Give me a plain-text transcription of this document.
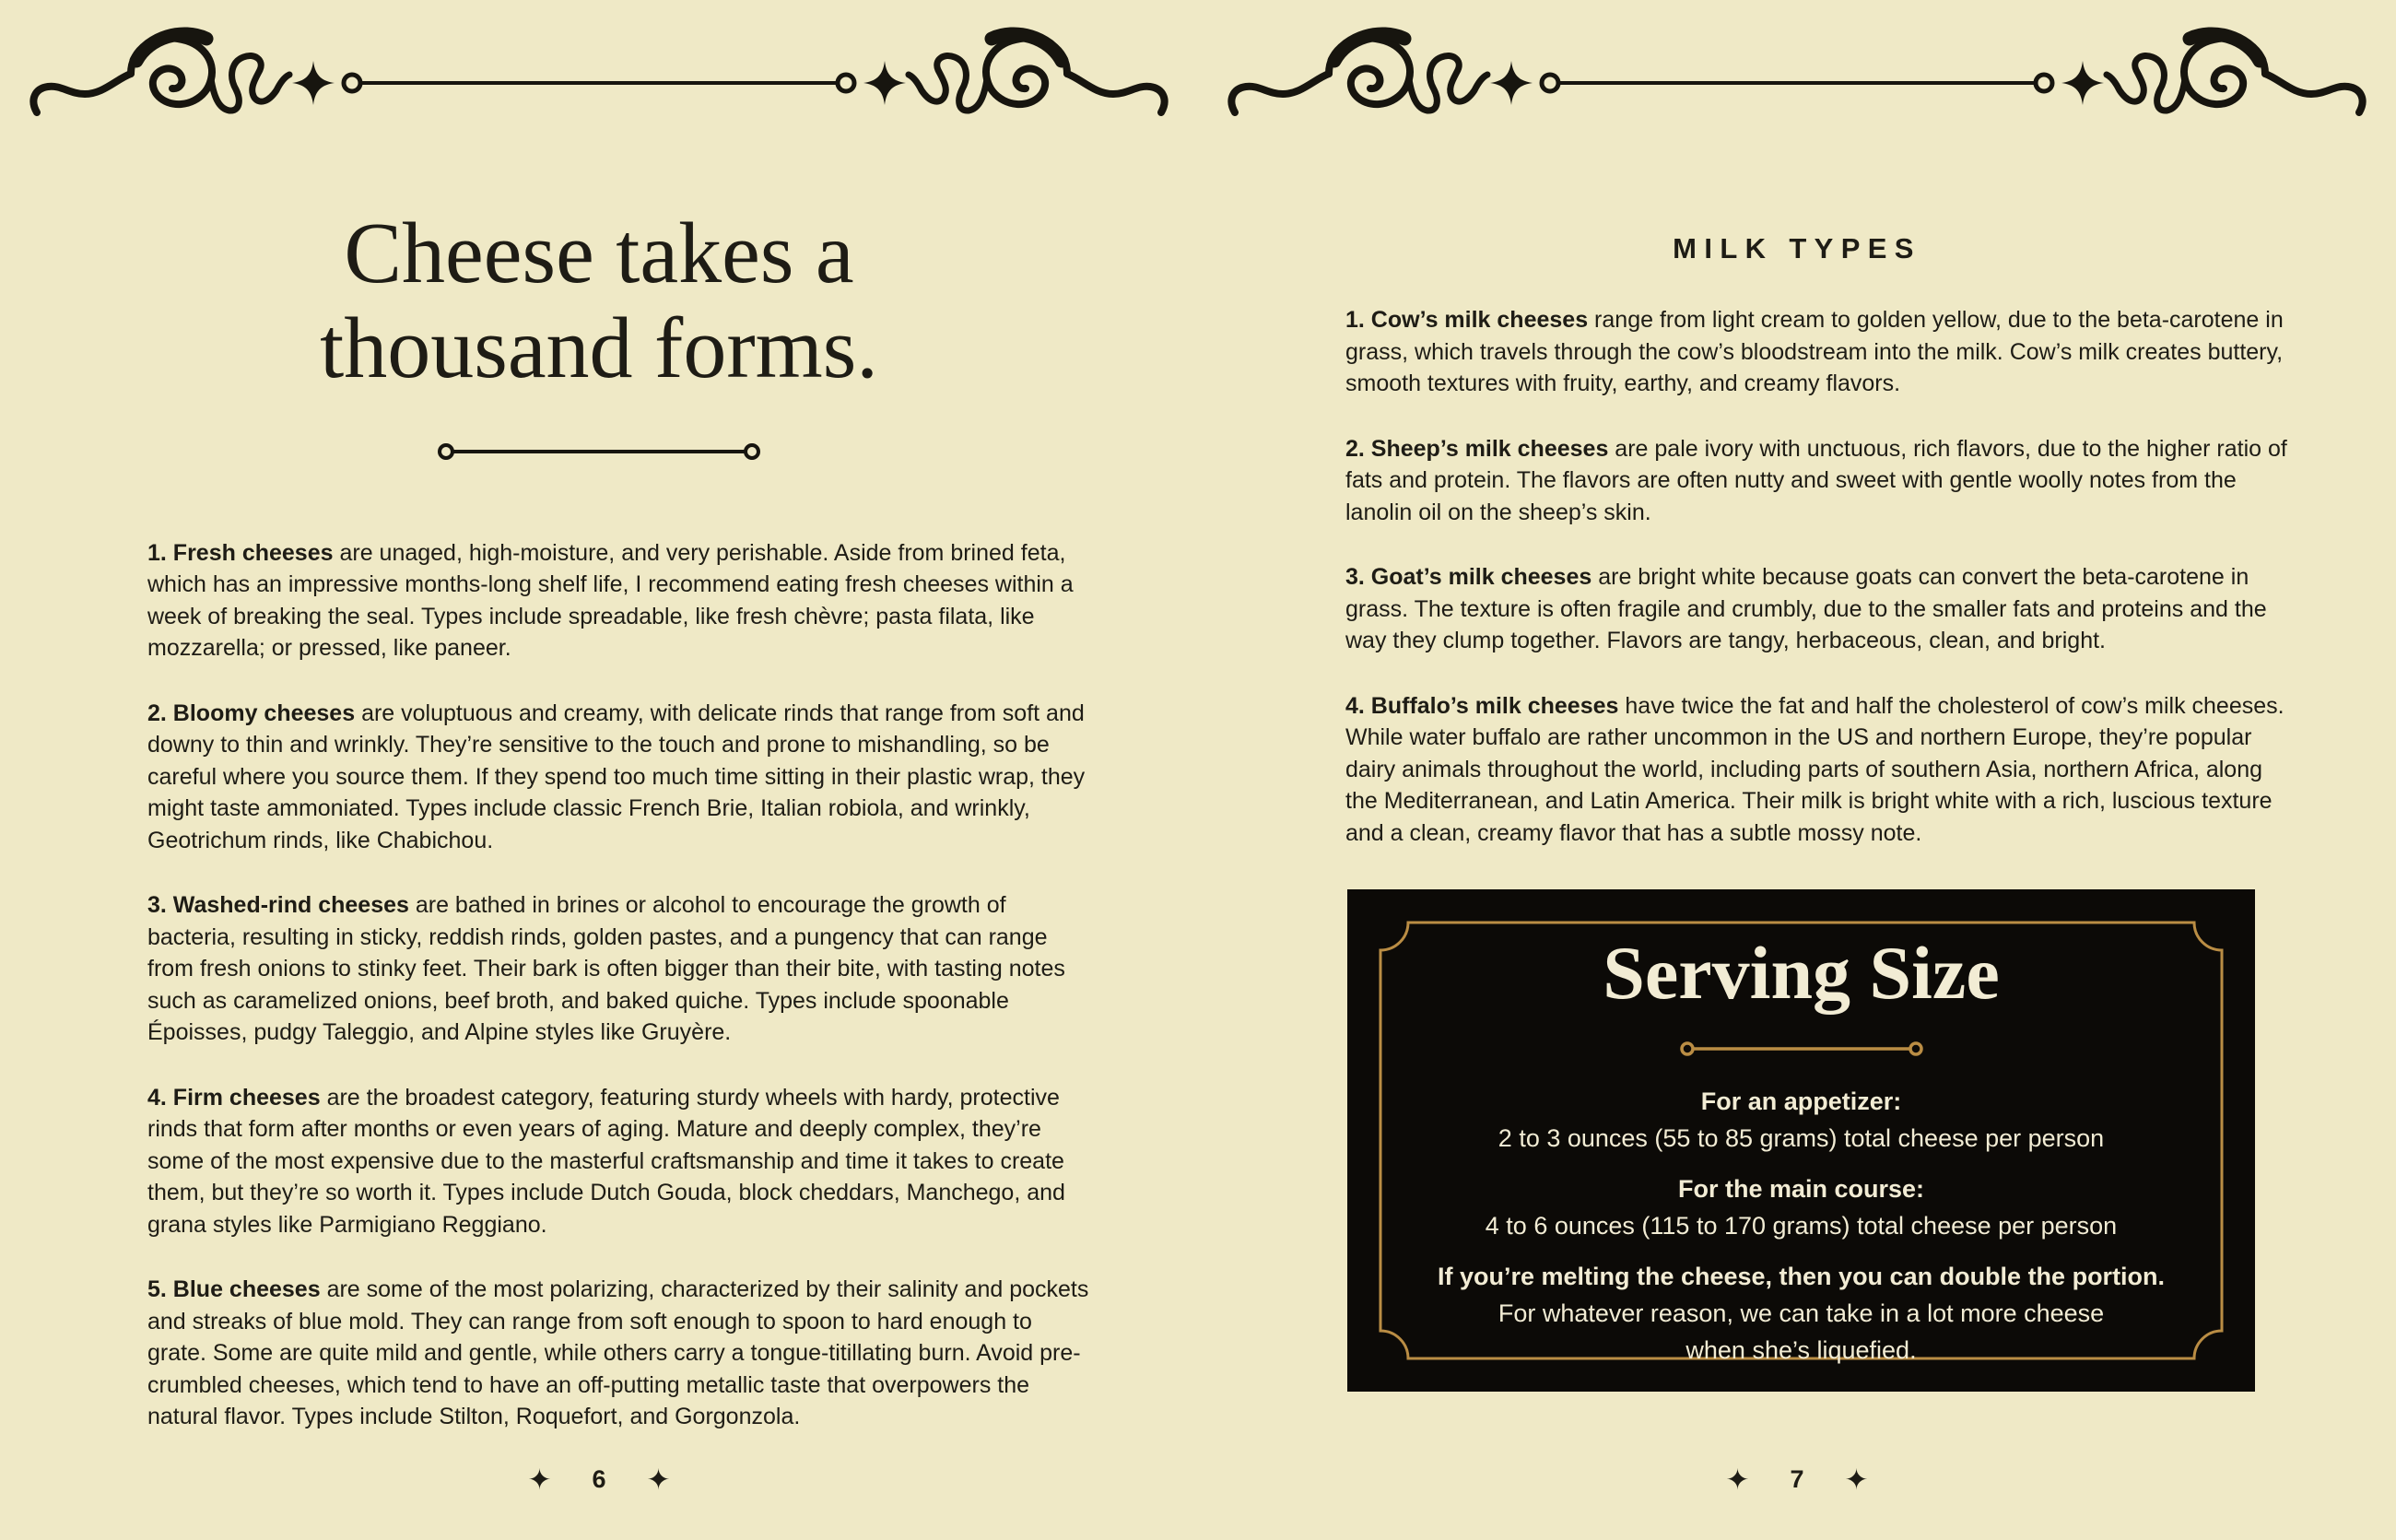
Cheese takes a
thousand forms.

1. Fresh cheeses are unaged, high-moisture, and very perishable. Aside from brined feta, which has an impressive months-long shelf life, I recommend eating fresh cheeses within a week of breaking the seal. Types include spreadable, like fresh chèvre; pasta filata, like mozzarella; or pressed, like paneer.

2. Bloomy cheeses are voluptuous and creamy, with delicate rinds that range from soft and downy to thin and wrinkly. They’re sensitive to the touch and prone to mishandling, so be careful where you source them. If they spend too much time sitting in their plastic wrap, they might taste ammoniated. Types include classic French Brie, Italian robiola, and wrinkly, Geotrichum rinds, like Chabichou.

3. Washed-rind cheeses are bathed in brines or alcohol to encourage the growth of bacteria, resulting in sticky, reddish rinds, golden pastes, and a pungency that can range from fresh onions to stinky feet. Their bark is often bigger than their bite, with tasting notes such as caramelized onions, beef broth, and baked quiche. Types include spoonable Époisses, pudgy Taleggio, and Alpine styles like Gruyère.

4. Firm cheeses are the broadest category, featuring sturdy wheels with hardy, protective rinds that form after months or even years of aging. Mature and deeply complex, they’re some of the most expensive due to the masterful craftsmanship and time it takes to create them, but they’re so worth it. Types include Dutch Gouda, block cheddars, Manchego, and grana styles like Parmigiano Reggiano.

5. Blue cheeses are some of the most polarizing, characterized by their salinity and pockets and streaks of blue mold. They can range from soft enough to spoon to hard enough to grate. Some are quite mild and gentle, while others carry a tongue-titillating burn. Avoid pre-crumbled cheeses, which tend to have an off-putting metallic taste that overpowers the natural flavor. Types include Stilton, Roquefort, and Gorgonzola.

✦ 6 ✦
MILK TYPES

1. Cow’s milk cheeses range from light cream to golden yellow, due to the beta-carotene in grass, which travels through the cow’s bloodstream into the milk. Cow’s milk creates buttery, smooth textures with fruity, earthy, and creamy flavors.

2. Sheep’s milk cheeses are pale ivory with unctuous, rich flavors, due to the higher ratio of fats and protein. The flavors are often nutty and sweet with gentle woolly notes from the lanolin oil on the sheep’s skin.

3. Goat’s milk cheeses are bright white because goats can convert the beta-carotene in grass. The texture is often fragile and crumbly, due to the smaller fats and proteins and the way they clump together. Flavors are tangy, herbaceous, clean, and bright.

4. Buffalo’s milk cheeses have twice the fat and half the cholesterol of cow’s milk cheeses. While water buffalo are rather uncommon in the US and northern Europe, they’re popular dairy animals throughout the world, including parts of southern Asia, northern Africa, along the Mediterranean, and Latin America. Their milk is bright white with a rich, luscious texture and a clean, creamy flavor that has a subtle mossy note.

Serving Size
For an appetizer:
2 to 3 ounces (55 to 85 grams) total cheese per person
For the main course:
4 to 6 ounces (115 to 170 grams) total cheese per person
If you’re melting the cheese, then you can double the portion.
For whatever reason, we can take in a lot more cheese
when she’s liquefied.
✦ 7 ✦
